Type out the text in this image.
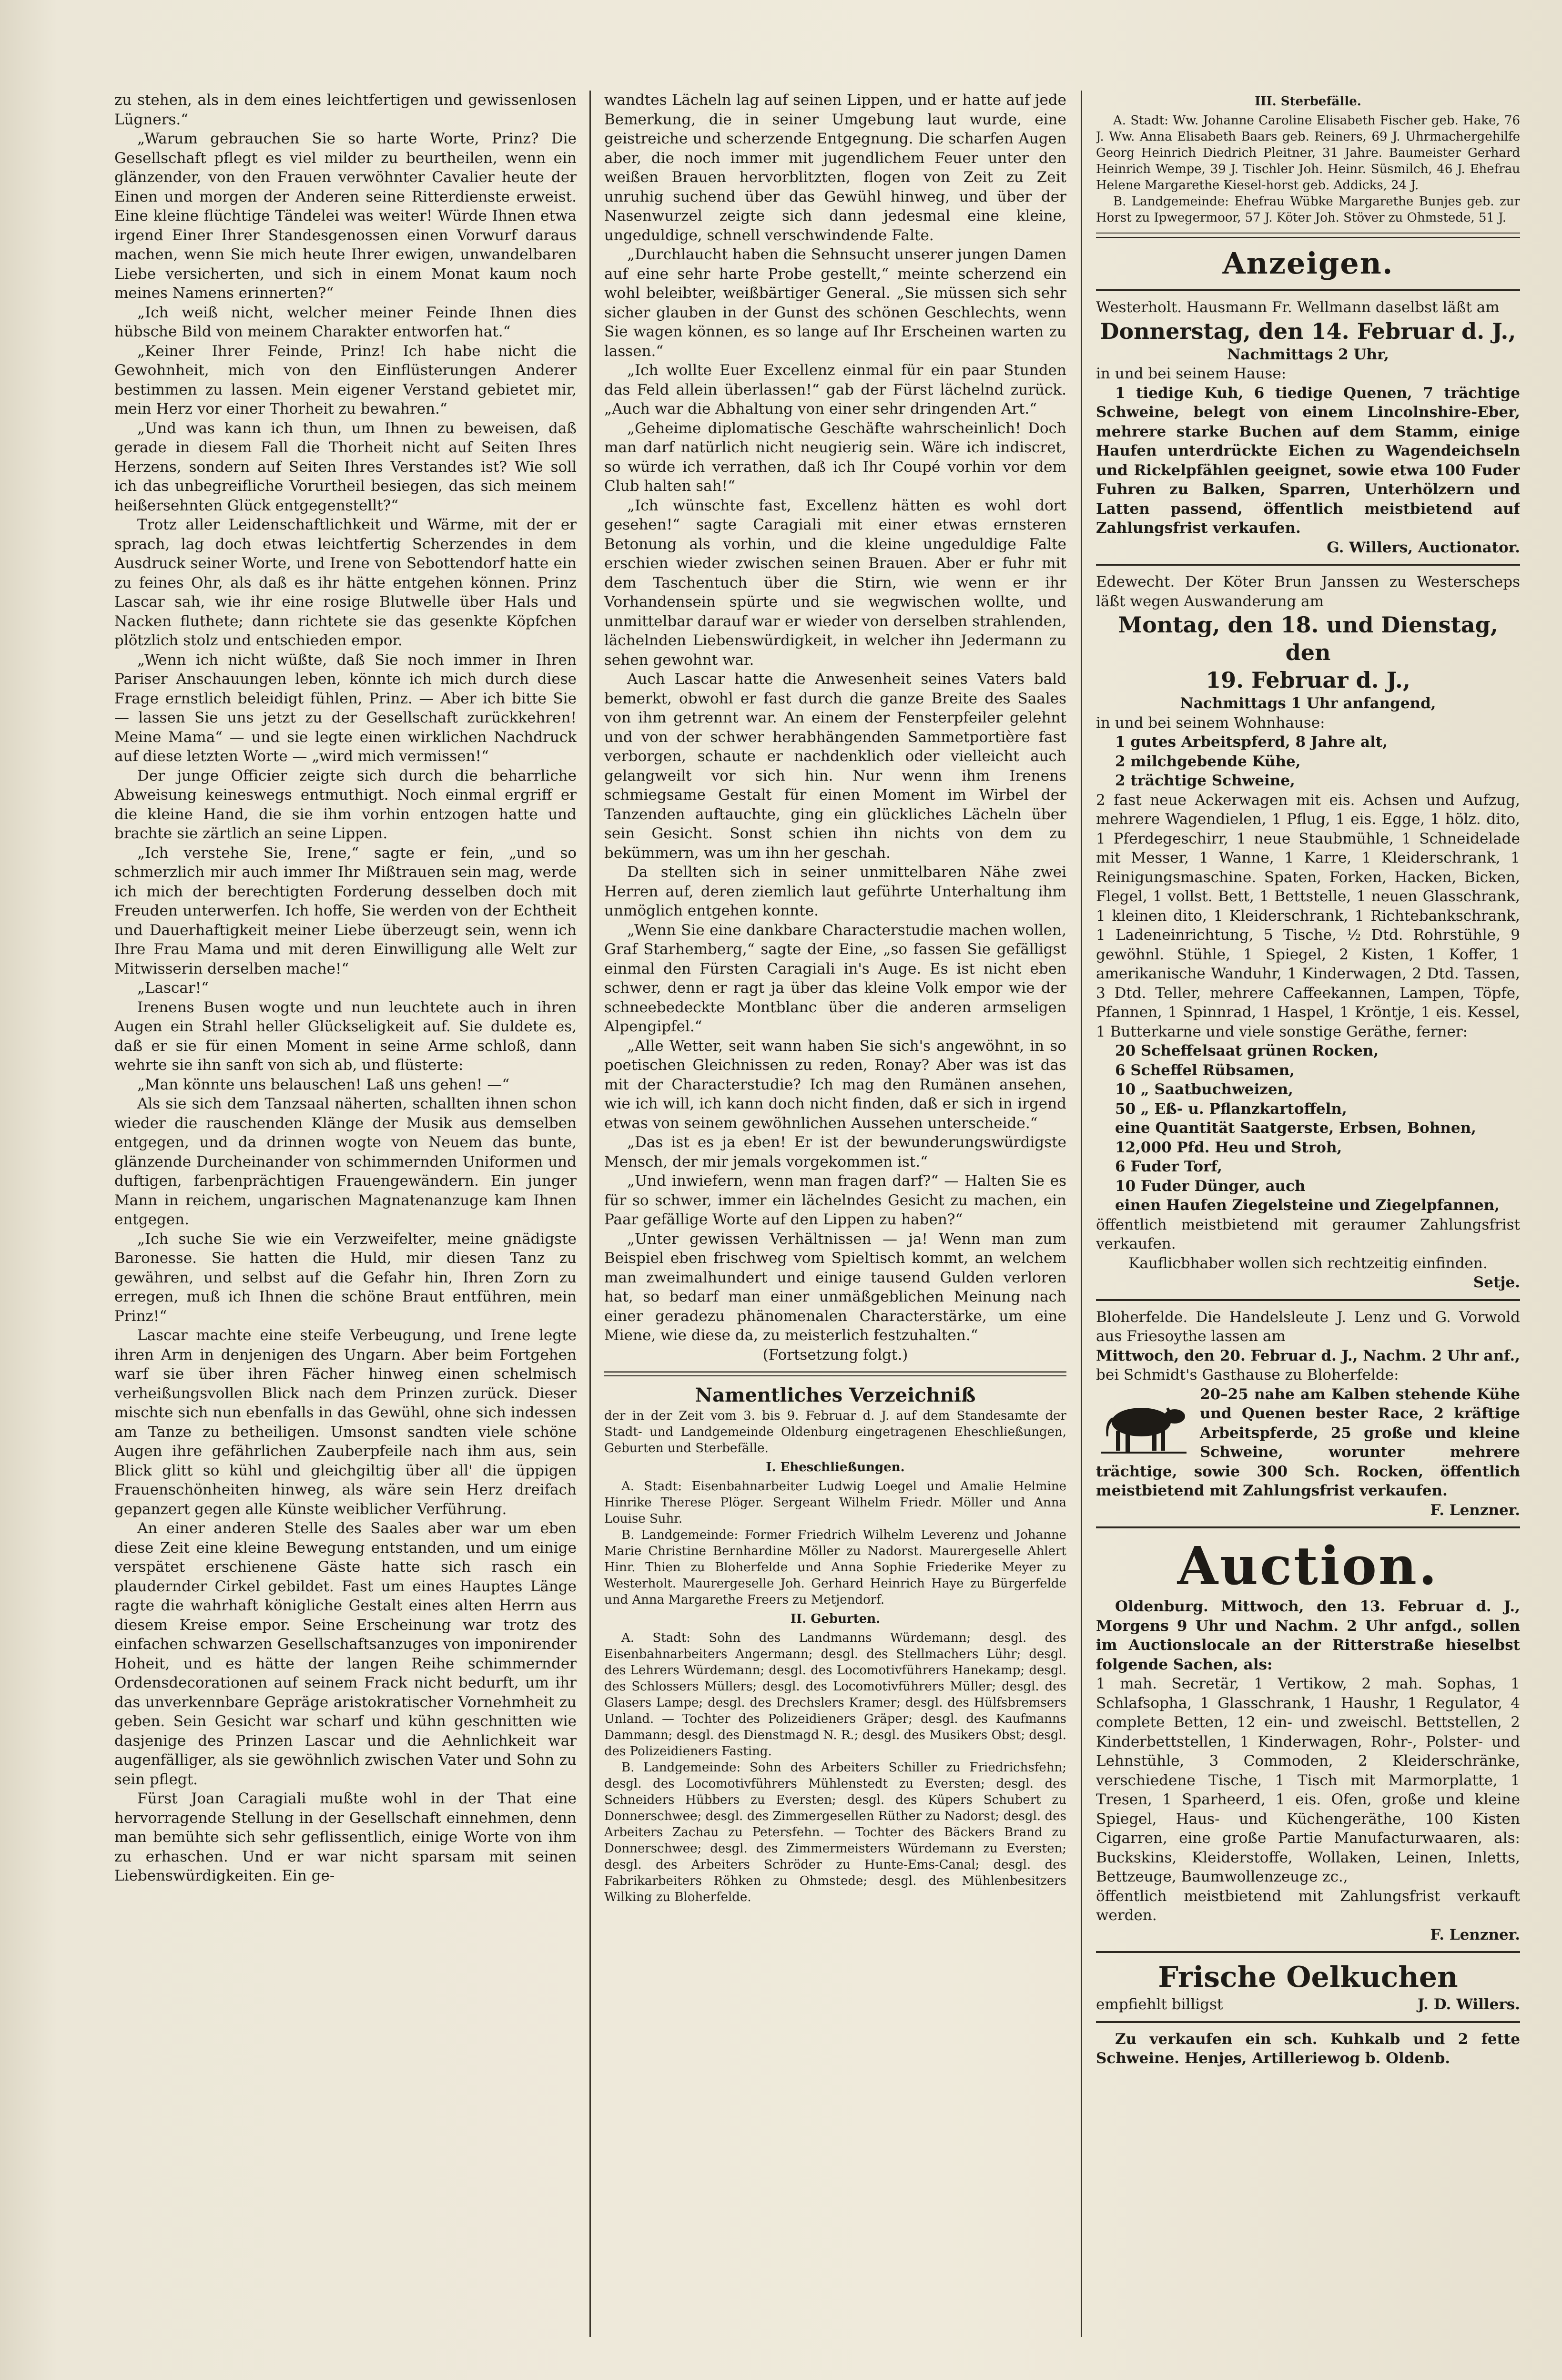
zu stehen, als in dem eines leichtfertigen und gewissenlosen Lügners.“

„Warum gebrauchen Sie so harte Worte, Prinz? Die Gesellschaft pflegt es viel milder zu beurtheilen, wenn ein glänzender, von den Frauen verwöhnter Cavalier heute der Einen und morgen der Anderen seine Ritterdienste erweist. Eine kleine flüchtige Tändelei was weiter! Würde Ihnen etwa irgend Einer Ihrer Standesgenossen einen Vorwurf daraus machen, wenn Sie mich heute Ihrer ewigen, unwandelbaren Liebe versicherten, und sich in einem Monat kaum noch meines Namens erinnerten?“

„Ich weiß nicht, welcher meiner Feinde Ihnen dies hübsche Bild von meinem Charakter entworfen hat.“

„Keiner Ihrer Feinde, Prinz! Ich habe nicht die Gewohnheit, mich von den Einflüsterungen Anderer bestimmen zu lassen. Mein eigener Verstand gebietet mir, mein Herz vor einer Thorheit zu bewahren.“

„Und was kann ich thun, um Ihnen zu beweisen, daß gerade in diesem Fall die Thorheit nicht auf Seiten Ihres Herzens, sondern auf Seiten Ihres Verstandes ist? Wie soll ich das unbegreifliche Vorurtheil besiegen, das sich meinem heißersehnten Glück entgegenstellt?“

Trotz aller Leidenschaftlichkeit und Wärme, mit der er sprach, lag doch etwas leichtfertig Scherzendes in dem Ausdruck seiner Worte, und Irene von Sebottendorf hatte ein zu feines Ohr, als daß es ihr hätte entgehen können. Prinz Lascar sah, wie ihr eine rosige Blutwelle über Hals und Nacken fluthete; dann richtete sie das gesenkte Köpfchen plötzlich stolz und entschieden empor.

„Wenn ich nicht wüßte, daß Sie noch immer in Ihren Pariser Anschauungen leben, könnte ich mich durch diese Frage ernstlich beleidigt fühlen, Prinz. — Aber ich bitte Sie — lassen Sie uns jetzt zu der Gesellschaft zurückkehren! Meine Mama“ — und sie legte einen wirklichen Nachdruck auf diese letzten Worte — „wird mich vermissen!“

Der junge Officier zeigte sich durch die beharrliche Abweisung keineswegs entmuthigt. Noch einmal ergriff er die kleine Hand, die sie ihm vorhin entzogen hatte und brachte sie zärtlich an seine Lippen.

„Ich verstehe Sie, Irene,“ sagte er fein, „und so schmerzlich mir auch immer Ihr Mißtrauen sein mag, werde ich mich der berechtigten Forderung desselben doch mit Freuden unterwerfen. Ich hoffe, Sie werden von der Echtheit und Dauerhaftigkeit meiner Liebe überzeugt sein, wenn ich Ihre Frau Mama und mit deren Einwilligung alle Welt zur Mitwisserin derselben mache!“

„Lascar!“

Irenens Busen wogte und nun leuchtete auch in ihren Augen ein Strahl heller Glückseligkeit auf. Sie duldete es, daß er sie für einen Moment in seine Arme schloß, dann wehrte sie ihn sanft von sich ab, und flüsterte:

„Man könnte uns belauschen! Laß uns gehen! —“

Als sie sich dem Tanzsaal näherten, schallten ihnen schon wieder die rauschenden Klänge der Musik aus demselben entgegen, und da drinnen wogte von Neuem das bunte, glänzende Durcheinander von schimmernden Uniformen und duftigen, farbenprächtigen Frauengewändern. Ein junger Mann in reichem, ungarischen Magnatenanzuge kam Ihnen entgegen.

„Ich suche Sie wie ein Verzweifelter, meine gnädigste Baronesse. Sie hatten die Huld, mir diesen Tanz zu gewähren, und selbst auf die Gefahr hin, Ihren Zorn zu erregen, muß ich Ihnen die schöne Braut entführen, mein Prinz!“

Lascar machte eine steife Verbeugung, und Irene legte ihren Arm in denjenigen des Ungarn. Aber beim Fortgehen warf sie über ihren Fächer hinweg einen schelmisch verheißungsvollen Blick nach dem Prinzen zurück. Dieser mischte sich nun ebenfalls in das Gewühl, ohne sich indessen am Tanze zu betheiligen. Umsonst sandten viele schöne Augen ihre gefährlichen Zauberpfeile nach ihm aus, sein Blick glitt so kühl und gleichgiltig über all' die üppigen Frauenschönheiten hinweg, als wäre sein Herz dreifach gepanzert gegen alle Künste weiblicher Verführung.

An einer anderen Stelle des Saales aber war um eben diese Zeit eine kleine Bewegung entstanden, und um einige verspätet erschienene Gäste hatte sich rasch ein plaudernder Cirkel gebildet. Fast um eines Hauptes Länge ragte die wahrhaft königliche Gestalt eines alten Herrn aus diesem Kreise empor. Seine Erscheinung war trotz des einfachen schwarzen Gesellschaftsanzuges von imponirender Hoheit, und es hätte der langen Reihe schimmernder Ordensdecorationen auf seinem Frack nicht bedurft, um ihr das unverkennbare Gepräge aristokratischer Vornehmheit zu geben. Sein Gesicht war scharf und kühn geschnitten wie dasjenige des Prinzen Lascar und die Aehnlichkeit war augenfälliger, als sie gewöhnlich zwischen Vater und Sohn zu sein pflegt.

Fürst Joan Caragiali mußte wohl in der That eine hervorragende Stellung in der Gesellschaft einnehmen, denn man bemühte sich sehr geflissentlich, einige Worte von ihm zu erhaschen. Und er war nicht sparsam mit seinen Liebenswürdigkeiten. Ein ge-

wandtes Lächeln lag auf seinen Lippen, und er hatte auf jede Bemerkung, die in seiner Umgebung laut wurde, eine geistreiche und scherzende Entgegnung. Die scharfen Augen aber, die noch immer mit jugendlichem Feuer unter den weißen Brauen hervorblitzten, flogen von Zeit zu Zeit unruhig suchend über das Gewühl hinweg, und über der Nasenwurzel zeigte sich dann jedesmal eine kleine, ungeduldige, schnell verschwindende Falte.

„Durchlaucht haben die Sehnsucht unserer jungen Damen auf eine sehr harte Probe gestellt,“ meinte scherzend ein wohl beleibter, weißbärtiger General. „Sie müssen sich sehr sicher glauben in der Gunst des schönen Geschlechts, wenn Sie wagen können, es so lange auf Ihr Erscheinen warten zu lassen.“

„Ich wollte Euer Excellenz einmal für ein paar Stunden das Feld allein überlassen!“ gab der Fürst lächelnd zurück. „Auch war die Abhaltung von einer sehr dringenden Art.“

„Geheime diplomatische Geschäfte wahrscheinlich! Doch man darf natürlich nicht neugierig sein. Wäre ich indiscret, so würde ich verrathen, daß ich Ihr Coupé vorhin vor dem Club halten sah!“

„Ich wünschte fast, Excellenz hätten es wohl dort gesehen!“ sagte Caragiali mit einer etwas ernsteren Betonung als vorhin, und die kleine ungeduldige Falte erschien wieder zwischen seinen Brauen. Aber er fuhr mit dem Taschentuch über die Stirn, wie wenn er ihr Vorhandensein spürte und sie wegwischen wollte, und unmittelbar darauf war er wieder von derselben strahlenden, lächelnden Liebenswürdigkeit, in welcher ihn Jedermann zu sehen gewohnt war.

Auch Lascar hatte die Anwesenheit seines Vaters bald bemerkt, obwohl er fast durch die ganze Breite des Saales von ihm getrennt war. An einem der Fensterpfeiler gelehnt und von der schwer herabhängenden Sammetportière fast verborgen, schaute er nachdenklich oder vielleicht auch gelangweilt vor sich hin. Nur wenn ihm Irenens schmiegsame Gestalt für einen Moment im Wirbel der Tanzenden auftauchte, ging ein glückliches Lächeln über sein Gesicht. Sonst schien ihn nichts von dem zu bekümmern, was um ihn her geschah.

Da stellten sich in seiner unmittelbaren Nähe zwei Herren auf, deren ziemlich laut geführte Unterhaltung ihm unmöglich entgehen konnte.

„Wenn Sie eine dankbare Characterstudie machen wollen, Graf Starhemberg,“ sagte der Eine, „so fassen Sie gefälligst einmal den Fürsten Caragiali in's Auge. Es ist nicht eben schwer, denn er ragt ja über das kleine Volk empor wie der schneebedeckte Montblanc über die anderen armseligen Alpengipfel.“

„Alle Wetter, seit wann haben Sie sich's angewöhnt, in so poetischen Gleichnissen zu reden, Ronay? Aber was ist das mit der Characterstudie? Ich mag den Rumänen ansehen, wie ich will, ich kann doch nicht finden, daß er sich in irgend etwas von seinem gewöhnlichen Aussehen unterscheide.“

„Das ist es ja eben! Er ist der bewunderungswürdigste Mensch, der mir jemals vorgekommen ist.“

„Und inwiefern, wenn man fragen darf?“ — Halten Sie es für so schwer, immer ein lächelndes Gesicht zu machen, ein Paar gefällige Worte auf den Lippen zu haben?“

„Unter gewissen Verhältnissen — ja! Wenn man zum Beispiel eben frischweg vom Spieltisch kommt, an welchem man zweimalhundert und einige tausend Gulden verloren hat, so bedarf man einer unmäßgeblichen Meinung nach einer geradezu phänomenalen Characterstärke, um eine Miene, wie diese da, zu meisterlich festzuhalten.“

(Fortsetzung folgt.)

Namentliches Verzeichniß

der in der Zeit vom 3. bis 9. Februar d. J. auf dem Standesamte der Stadt- und Landgemeinde Oldenburg eingetragenen Eheschließungen, Geburten und Sterbefälle.

I. Eheschließungen.

A. Stadt: Eisenbahnarbeiter Ludwig Loegel und Amalie Helmine Hinrike Therese Plöger. Sergeant Wilhelm Friedr. Möller und Anna Louise Suhr.

B. Landgemeinde: Former Friedrich Wilhelm Leverenz und Johanne Marie Christine Bernhardine Möller zu Nadorst. Maurergeselle Ahlert Hinr. Thien zu Bloherfelde und Anna Sophie Friederike Meyer zu Westerholt. Maurergeselle Joh. Gerhard Heinrich Haye zu Bürgerfelde und Anna Margarethe Freers zu Metjendorf.

II. Geburten.

A. Stadt: Sohn des Landmanns Würdemann; desgl. des Eisenbahnarbeiters Angermann; desgl. des Stellmachers Lühr; desgl. des Lehrers Würdemann; desgl. des Locomotivführers Hanekamp; desgl. des Schlossers Müllers; desgl. des Locomotivführers Müller; desgl. des Glasers Lampe; desgl. des Drechslers Kramer; desgl. des Hülfsbremsers Unland. — Tochter des Polizeidieners Gräper; desgl. des Kaufmanns Dammann; desgl. des Dienstmagd N. R.; desgl. des Musikers Obst; desgl. des Polizeidieners Fasting.

B. Landgemeinde: Sohn des Arbeiters Schiller zu Friedrichsfehn; desgl. des Locomotivführers Mühlenstedt zu Eversten; desgl. des Schneiders Hübbers zu Eversten; desgl. des Küpers Schubert zu Donnerschwee; desgl. des Zimmergesellen Rüther zu Nadorst; desgl. des Arbeiters Zachau zu Petersfehn. — Tochter des Bäckers Brand zu Donnerschwee; desgl. des Zimmermeisters Würdemann zu Eversten; desgl. des Arbeiters Schröder zu Hunte-Ems-Canal; desgl. des Fabrikarbeiters Röhken zu Ohmstede; desgl. des Mühlenbesitzers Wilking zu Bloherfelde.

III. Sterbefälle.

A. Stadt: Ww. Johanne Caroline Elisabeth Fischer geb. Hake, 76 J. Ww. Anna Elisabeth Baars geb. Reiners, 69 J. Uhrmachergehilfe Georg Heinrich Diedrich Pleitner, 31 Jahre. Baumeister Gerhard Heinrich Wempe, 39 J. Tischler Joh. Heinr. Süsmilch, 46 J. Ehefrau Helene Margarethe Kiesel-horst geb. Addicks, 24 J.

B. Landgemeinde: Ehefrau Wübke Margarethe Bunjes geb. zur Horst zu Ipwegermoor, 57 J. Köter Joh. Stöver zu Ohmstede, 51 J.

Anzeigen.

Westerholt. Hausmann Fr. Wellmann daselbst läßt am

Donnerstag, den 14. Februar d. J.,

Nachmittags 2 Uhr,

in und bei seinem Hause:

1 tiedige Kuh, 6 tiedige Quenen, 7 trächtige Schweine, belegt von einem Lincolnshire-Eber, mehrere starke Buchen auf dem Stamm, einige Haufen unterdrückte Eichen zu Wagendeichseln und Rickelpfählen geeignet, sowie etwa 100 Fuder Fuhren zu Balken, Sparren, Unterhölzern und Latten passend, öffentlich meistbietend auf Zahlungsfrist verkaufen.

G. Willers, Auctionator.

Edewecht. Der Köter Brun Janssen zu Westerscheps läßt wegen Auswanderung am

Montag, den 18. und Dienstag, den
19. Februar d. J.,

Nachmittags 1 Uhr anfangend,

in und bei seinem Wohnhause:

1 gutes Arbeitspferd, 8 Jahre alt,

2 milchgebende Kühe,

2 trächtige Schweine,

2 fast neue Ackerwagen mit eis. Achsen und Aufzug, mehrere Wagendielen, 1 Pflug, 1 eis. Egge, 1 hölz. dito, 1 Pferdegeschirr, 1 neue Staubmühle, 1 Schneidelade mit Messer, 1 Wanne, 1 Karre, 1 Kleiderschrank, 1 Reinigungsmaschine. Spaten, Forken, Hacken, Bicken, Flegel, 1 vollst. Bett, 1 Bettstelle, 1 neuen Glasschrank, 1 kleinen dito, 1 Kleiderschrank, 1 Richtebankschrank, 1 Ladeneinrichtung, 5 Tische, ½ Dtd. Rohrstühle, 9 gewöhnl. Stühle, 1 Spiegel, 2 Kisten, 1 Koffer, 1 amerikanische Wanduhr, 1 Kinderwagen, 2 Dtd. Tassen, 3 Dtd. Teller, mehrere Caffeekannen, Lampen, Töpfe, Pfannen, 1 Spinnrad, 1 Haspel, 1 Kröntje, 1 eis. Kessel, 1 Butterkarne und viele sonstige Geräthe, ferner:

20 Scheffelsaat grünen Rocken,

6 Scheffel Rübsamen,

10 „ Saatbuchweizen,

50 „ Eß- u. Pflanzkartoffeln,

eine Quantität Saatgerste, Erbsen, Bohnen,

12,000 Pfd. Heu und Stroh,

6 Fuder Torf,

10 Fuder Dünger, auch

einen Haufen Ziegelsteine und Ziegelpfannen,

öffentlich meistbietend mit geraumer Zahlungsfrist verkaufen.

Kauflicbhaber wollen sich rechtzeitig einfinden.

Setje.

Bloherfelde. Die Handelsleute J. Lenz und G. Vorwold aus Friesoythe lassen am

Mittwoch, den 20. Februar d. J., Nachm. 2 Uhr anf.,

bei Schmidt's Gasthause zu Bloherfelde:

20–25 nahe am Kalben stehende Kühe und Quenen bester Race, 2 kräftige Arbeitspferde, 25 große und kleine Schweine, worunter mehrere trächtige, sowie 300 Sch. Rocken, öffentlich meistbietend mit Zahlungsfrist verkaufen.

F. Lenzner.

Auction.

Oldenburg. Mittwoch, den 13. Februar d. J., Morgens 9 Uhr und Nachm. 2 Uhr anfgd., sollen im Auctionslocale an der Ritterstraße hieselbst folgende Sachen, als:

1 mah. Secretär, 1 Vertikow, 2 mah. Sophas, 1 Schlafsopha, 1 Glasschrank, 1 Haushr, 1 Regulator, 4 complete Betten, 12 ein- und zweischl. Bettstellen, 2 Kinderbettstellen, 1 Kinderwagen, Rohr-, Polster- und Lehnstühle, 3 Commoden, 2 Kleiderschränke, verschiedene Tische, 1 Tisch mit Marmorplatte, 1 Tresen, 1 Sparheerd, 1 eis. Ofen, große und kleine Spiegel, Haus- und Küchengeräthe, 100 Kisten Cigarren, eine große Partie Manufacturwaaren, als: Buckskins, Kleiderstoffe, Wollaken, Leinen, Inletts, Bettzeuge, Baumwollenzeuge zc.,

öffentlich meistbietend mit Zahlungsfrist verkauft werden.

F. Lenzner.

Frische Oelkuchen
empfiehlt billigst	J. D. Willers.

Zu verkaufen ein sch. Kuhkalb und 2 fette Schweine. Henjes, Artilleriewog b. Oldenb.
